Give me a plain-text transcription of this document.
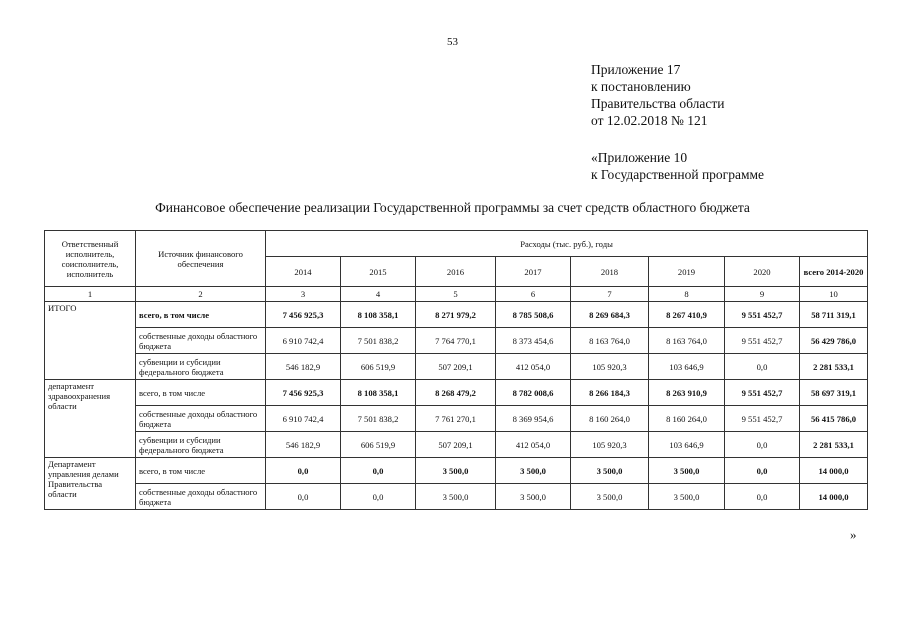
53
Приложение 17
к постановлению
Правительства области
от 12.02.2018 № 121
«Приложение 10
к Государственной программе
Финансовое обеспечение реализации Государственной программы за счет средств областного бюджета
Ответственный исполнитель, соисполнитель, исполнитель	Источник финансового обеспечения	Расходы (тыс. руб.), годы							
		2014	2015	2016	2017	2018	2019	2020	всего 2014-2020
1	2	3	4	5	6	7	8	9	10
ИТОГО	всего, в том числе	7 456 925,3	8 108 358,1	8 271 979,2	8 785 508,6	8 269 684,3	8 267 410,9	9 551 452,7	58 711 319,1
	собственные доходы областного бюджета	6 910 742,4	7 501 838,2	7 764 770,1	8 373 454,6	8 163 764,0	8 163 764,0	9 551 452,7	56 429 786,0
	субвенции и субсидии федерального бюджета	546 182,9	606 519,9	507 209,1	412 054,0	105 920,3	103 646,9	0,0	2 281 533,1
департамент здравоохранения области	всего, в том числе	7 456 925,3	8 108 358,1	8 268 479,2	8 782 008,6	8 266 184,3	8 263 910,9	9 551 452,7	58 697 319,1
	собственные доходы областного бюджета	6 910 742,4	7 501 838,2	7 761 270,1	8 369 954,6	8 160 264,0	8 160 264,0	9 551 452,7	56 415 786,0
	субвенции и субсидии федерального бюджета	546 182,9	606 519,9	507 209,1	412 054,0	105 920,3	103 646,9	0,0	2 281 533,1
Департамент управления делами Правительства области	всего, в том числе	0,0	0,0	3 500,0	3 500,0	3 500,0	3 500,0	0,0	14 000,0
	собственные доходы областного бюджета	0,0	0,0	3 500,0	3 500,0	3 500,0	3 500,0	0,0	14 000,0
»
